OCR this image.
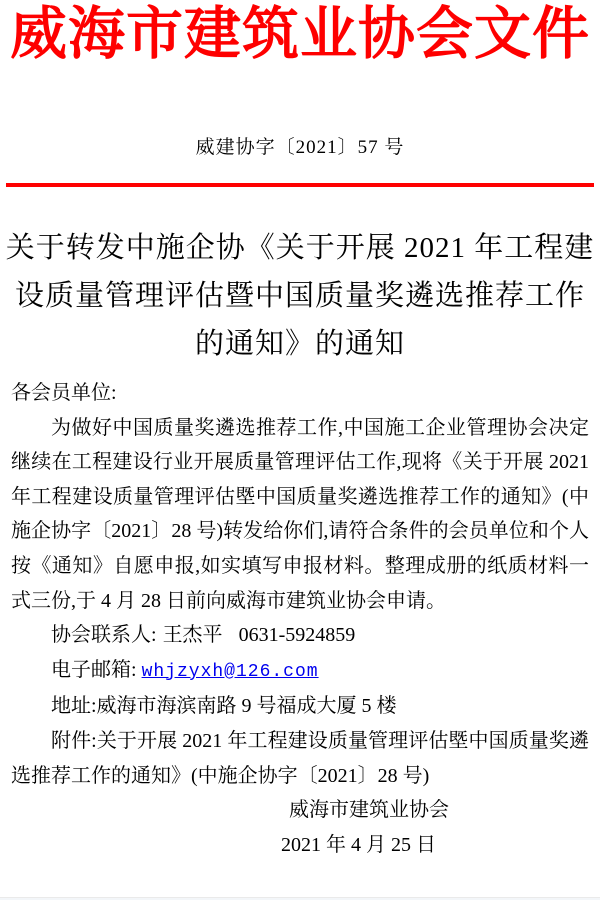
威海市建筑业协会文件
威建协字〔2021〕57 号
关于转发中施企协《关于开展 2021 年工程建
设质量管理评估暨中国质量奖遴选推荐工作
的通知》的通知
各会员单位:
为做好中国质量奖遴选推荐工作,中国施工企业管理协会决定继续在工程建设行业开展质量管理评估工作,现将《关于开展 2021 年工程建设质量管理评估塈中国质量奖遴选推荐工作的通知》(中施企协字〔2021〕28 号)转发给你们,请符合条件的会员单位和个人按《通知》自愿申报,如实填写申报材料。整理成册的纸质材料一式三份,于 4 月 28 日前向威海市建筑业协会申请。
协会联系人: 王杰平 0631-5924859
电子邮箱: whjzyxh@126.com
地址:威海市海滨南路 9 号福成大厦 5 楼
附件:关于开展 2021 年工程建设质量管理评估塈中国质量奖遴选推荐工作的通知》(中施企协字〔2021〕28 号)
威海市建筑业协会
2021 年 4 月 25 日
